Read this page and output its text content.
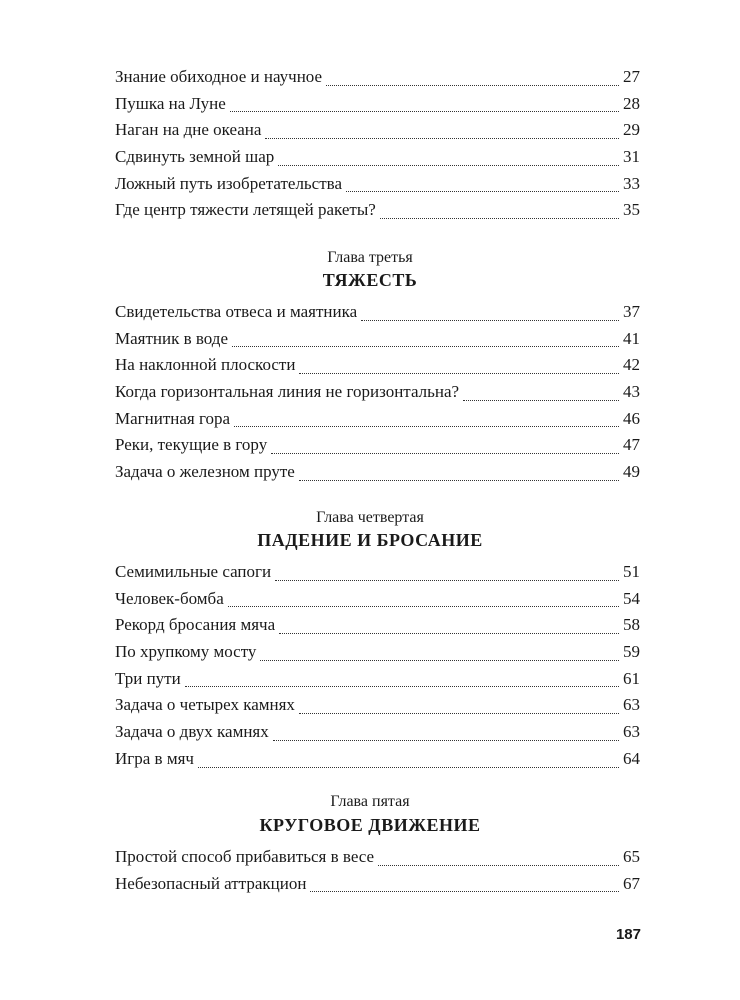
Знание обиходное и научное	27
Пушка на Луне	28
Наган на дне океана	29
Сдвинуть земной шар	31
Ложный путь изобретательства	33
Где центр тяжести летящей ракеты?	35
Глава третья
ТЯЖЕСТЬ
Свидетельства отвеса и маятника	37
Маятник в воде	41
На наклонной плоскости	42
Когда горизонтальная линия не горизонтальна?	43
Магнитная гора	46
Реки, текущие в гору	47
Задача о железном пруте	49
Глава четвертая
ПАДЕНИЕ И БРОСАНИЕ
Семимильные сапоги	51
Человек-бомба	54
Рекорд бросания мяча	58
По хрупкому мосту	59
Три пути	61
Задача о четырех камнях	63
Задача о двух камнях	63
Игра в мяч	64
Глава пятая
КРУГОВОЕ ДВИЖЕНИЕ
Простой способ прибавиться в весе	65
Небезопасный аттракцион	67
187
